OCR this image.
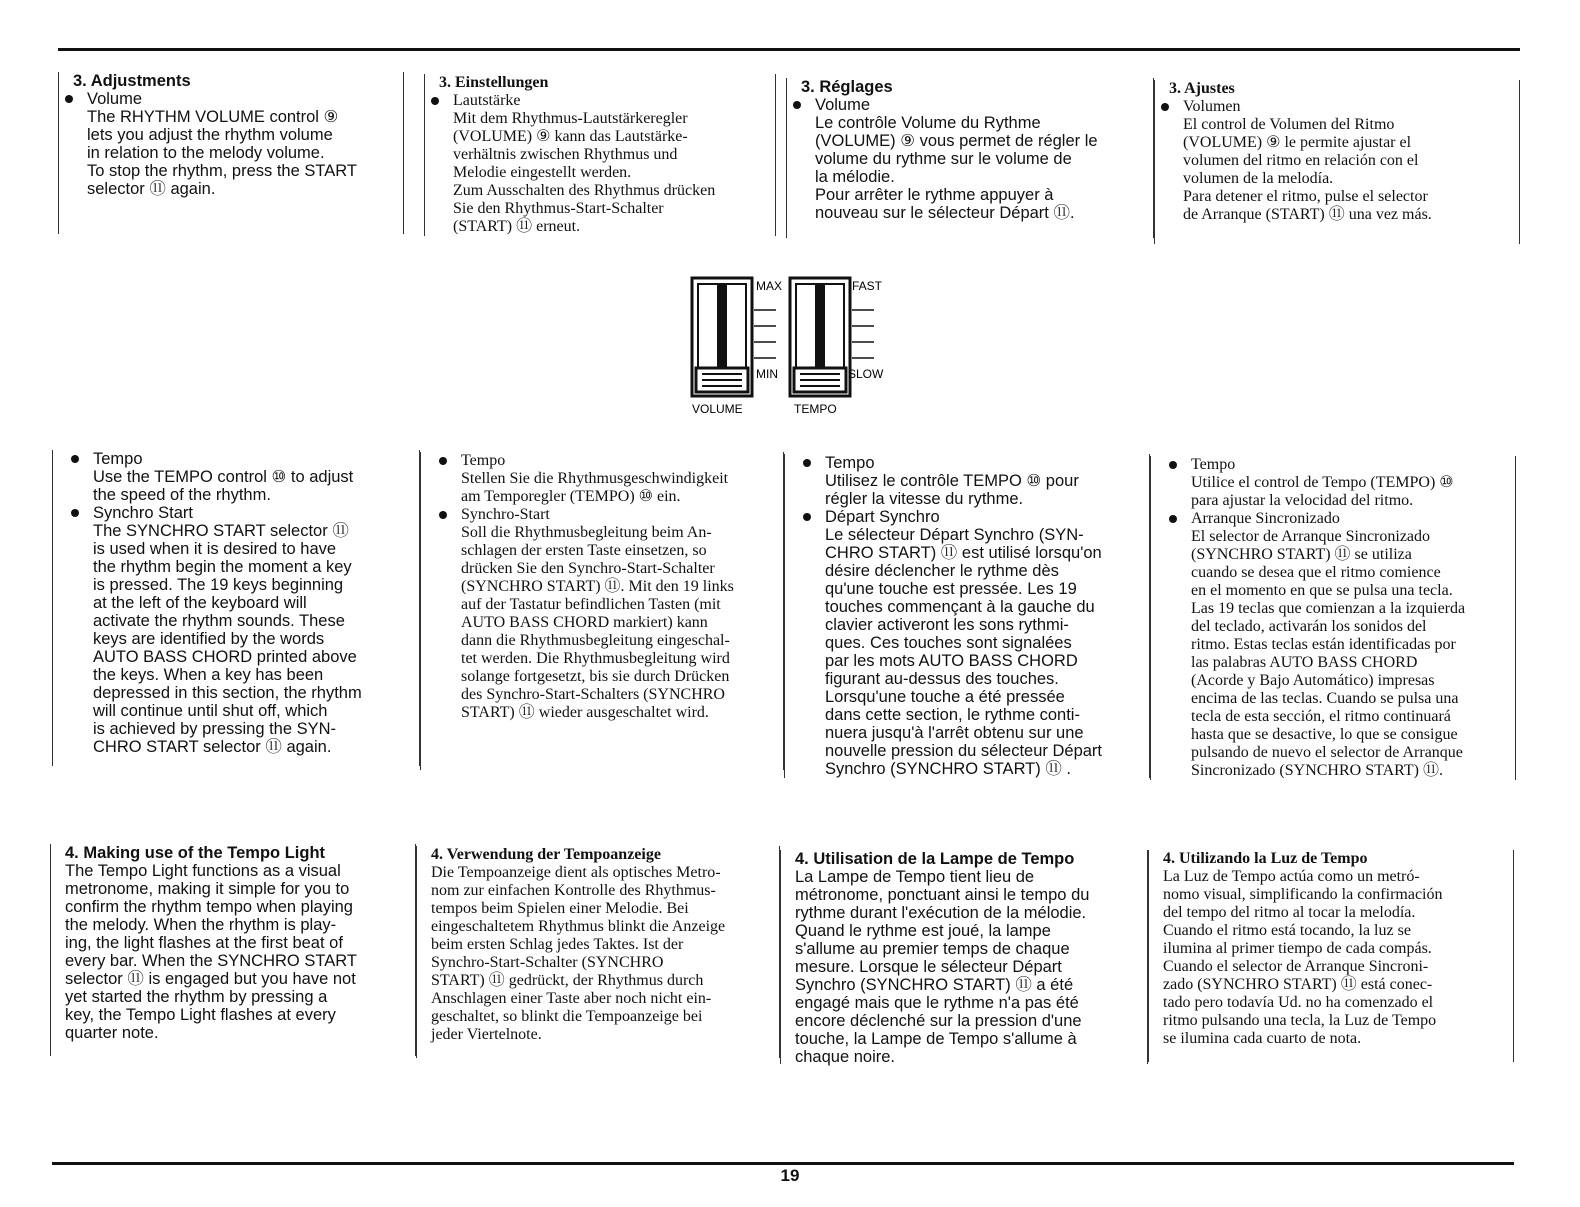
3. Adjustments
Volume
The RHYTHM VOLUME control ⑨
lets you adjust the rhythm volume
in relation to the melody volume.
To stop the rhythm, press the START
selector ⑪ again.
3. Einstellungen
Lautstärke
Mit dem Rhythmus-Lautstärkeregler
(VOLUME) ⑨ kann das Lautstärke-
verhältnis zwischen Rhythmus und
Melodie eingestellt werden.
Zum Ausschalten des Rhythmus drücken
Sie den Rhythmus-Start-Schalter
(START) ⑪ erneut.
3. Réglages
Volume
Le contrôle Volume du Rythme
(VOLUME) ⑨ vous permet de régler le
volume du rythme sur le volume de
la mélodie.
Pour arrêter le rythme appuyer à
nouveau sur le sélecteur Départ ⑪.
3. Ajustes
Volumen
El control de Volumen del Ritmo
(VOLUME) ⑨ le permite ajustar el
volumen del ritmo en relación con el
volumen de la melodía.
Para detener el ritmo, pulse el selector
de Arranque (START) ⑪ una vez más.
MAX
MIN
FAST
SLOW
VOLUME	TEMPO
Tempo
Use the TEMPO control ⑩ to adjust
the speed of the rhythm.
Synchro Start
The SYNCHRO START selector ⑪
is used when it is desired to have
the rhythm begin the moment a key
is pressed. The 19 keys beginning
at the left of the keyboard will
activate the rhythm sounds. These
keys are identified by the words
AUTO BASS CHORD printed above
the keys. When a key has been
depressed in this section, the rhythm
will continue until shut off, which
is achieved by pressing the SYN-
CHRO START selector ⑪ again.
Tempo
Stellen Sie die Rhythmusgeschwindigkeit
am Temporegler (TEMPO) ⑩ ein.
Synchro-Start
Soll die Rhythmusbegleitung beim An-
schlagen der ersten Taste einsetzen, so
drücken Sie den Synchro-Start-Schalter
(SYNCHRO START) ⑪. Mit den 19 links
auf der Tastatur befindlichen Tasten (mit
AUTO BASS CHORD markiert) kann
dann die Rhythmusbegleitung eingeschal-
tet werden. Die Rhythmusbegleitung wird
solange fortgesetzt, bis sie durch Drücken
des Synchro-Start-Schalters (SYNCHRO
START) ⑪ wieder ausgeschaltet wird.
Tempo
Utilisez le contrôle TEMPO ⑩ pour
régler la vitesse du rythme.
Départ Synchro
Le sélecteur Départ Synchro (SYN-
CHRO START) ⑪ est utilisé lorsqu'on
désire déclencher le rythme dès
qu'une touche est pressée. Les 19
touches commençant à la gauche du
clavier activeront les sons rythmi-
ques. Ces touches sont signalées
par les mots AUTO BASS CHORD
figurant au-dessus des touches.
Lorsqu'une touche a été pressée
dans cette section, le rythme conti-
nuera jusqu'à l'arrêt obtenu sur une
nouvelle pression du sélecteur Départ
Synchro (SYNCHRO START) ⑪ .
Tempo
Utilice el control de Tempo (TEMPO) ⑩
para ajustar la velocidad del ritmo.
Arranque Sincronizado
El selector de Arranque Sincronizado
(SYNCHRO START) ⑪ se utiliza
cuando se desea que el ritmo comience
en el momento en que se pulsa una tecla.
Las 19 teclas que comienzan a la izquierda
del teclado, activarán los sonidos del
ritmo. Estas teclas están identificadas por
las palabras AUTO BASS CHORD
(Acorde y Bajo Automático) impresas
encima de las teclas. Cuando se pulsa una
tecla de esta sección, el ritmo continuará
hasta que se desactive, lo que se consigue
pulsando de nuevo el selector de Arranque
Sincronizado (SYNCHRO START) ⑪.
4. Making use of the Tempo Light
The Tempo Light functions as a visual
metronome, making it simple for you to
confirm the rhythm tempo when playing
the melody. When the rhythm is play-
ing, the light flashes at the first beat of
every bar. When the SYNCHRO START
selector ⑪ is engaged but you have not
yet started the rhythm by pressing a
key, the Tempo Light flashes at every
quarter note.
4. Verwendung der Tempoanzeige
Die Tempoanzeige dient als optisches Metro-
nom zur einfachen Kontrolle des Rhythmus-
tempos beim Spielen einer Melodie. Bei
eingeschaltetem Rhythmus blinkt die Anzeige
beim ersten Schlag jedes Taktes. Ist der
Synchro-Start-Schalter (SYNCHRO
START) ⑪ gedrückt, der Rhythmus durch
Anschlagen einer Taste aber noch nicht ein-
geschaltet, so blinkt die Tempoanzeige bei
jeder Viertelnote.
4. Utilisation de la Lampe de Tempo
La Lampe de Tempo tient lieu de
métronome, ponctuant ainsi le tempo du
rythme durant l'exécution de la mélodie.
Quand le rythme est joué, la lampe
s'allume au premier temps de chaque
mesure. Lorsque le sélecteur Départ
Synchro (SYNCHRO START) ⑪ a été
engagé mais que le rythme n'a pas été
encore déclenché sur la pression d'une
touche, la Lampe de Tempo s'allume à
chaque noire.
4. Utilizando la Luz de Tempo
La Luz de Tempo actúa como un metró-
nomo visual, simplificando la confirmación
del tempo del ritmo al tocar la melodía.
Cuando el ritmo está tocando, la luz se
ilumina al primer tiempo de cada compás.
Cuando el selector de Arranque Sincroni-
zado (SYNCHRO START) ⑪ está conec-
tado pero todavía Ud. no ha comenzado el
ritmo pulsando una tecla, la Luz de Tempo
se ilumina cada cuarto de nota.
19
